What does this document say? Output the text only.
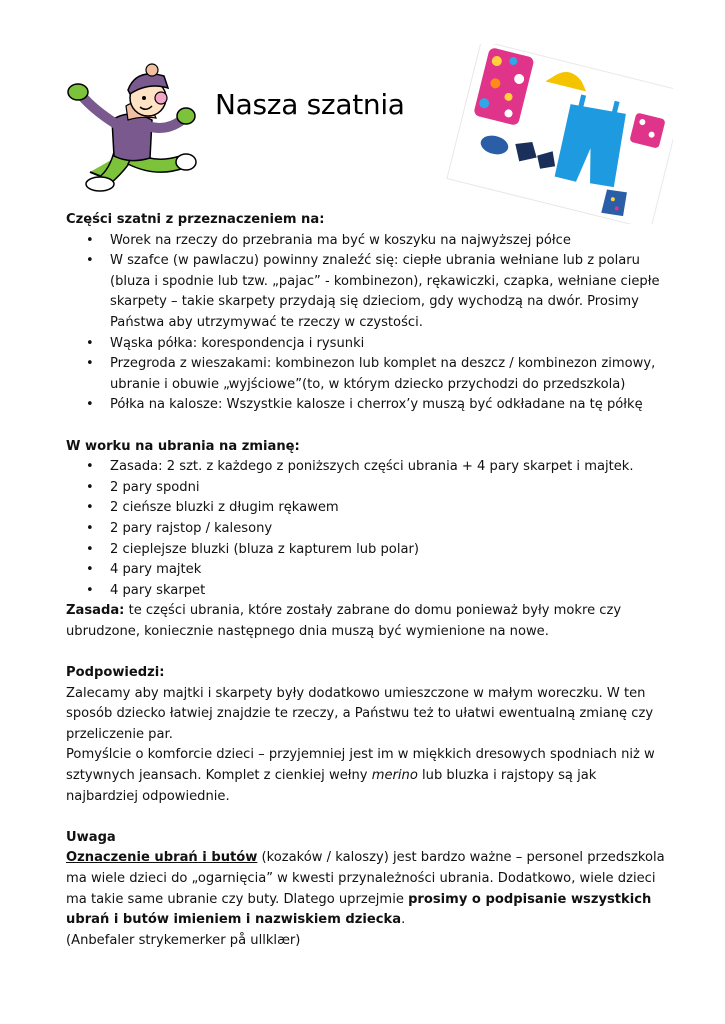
Nasza szatnia

Części szatni z przeznaczeniem na:

• Worek na rzeczy do przebrania ma być w koszyku na najwyższej półce
• W szafce (w pawlaczu) powinny znaleźć się: ciepłe ubrania wełniane lub z polaru (bluza i spodnie lub tzw. „pajac” - kombinezon), rękawiczki, czapka, wełniane ciepłe skarpety – takie skarpety przydają się dzieciom, gdy wychodzą na dwór. Prosimy Państwa aby utrzymywać te rzeczy w czystości.
• Wąska półka: korespondencja i rysunki
• Przegroda z wieszakami: kombinezon lub komplet na deszcz / kombinezon zimowy, ubranie i obuwie „wyjściowe”(to, w którym dziecko przychodzi do przedszkola)
• Półka na kalosze: Wszystkie kalosze i cherrox’y muszą być odkładane na tę półkę

W worku na ubrania na zmianę:

• Zasada: 2 szt. z każdego z poniższych części ubrania + 4 pary skarpet i majtek.
• 2 pary spodni
• 2 cieńsze bluzki z długim rękawem
• 2 pary rajstop / kalesony
• 2 cieplejsze bluzki (bluza z kapturem lub polar)
• 4 pary majtek
• 4 pary skarpet

Zasada: te części ubrania, które zostały zabrane do domu ponieważ były mokre czy ubrudzone, koniecznie następnego dnia muszą być wymienione na nowe.

Podpowiedzi:

Zalecamy aby majtki i skarpety były dodatkowo umieszczone w małym woreczku. W ten sposób dziecko łatwiej znajdzie te rzeczy, a Państwu też to ułatwi ewentualną zmianę czy przeliczenie par.

Pomyślcie o komforcie dzieci – przyjemniej jest im w miękkich dresowych spodniach niż w sztywnych jeansach. Komplet z cienkiej wełny merino lub bluzka i rajstopy są jak najbardziej odpowiednie.

Uwaga

Oznaczenie ubrań i butów (kozaków / kaloszy) jest bardzo ważne – personel przedszkola ma wiele dzieci do „ogarnięcia” w kwesti przynależności ubrania. Dodatkowo, wiele dzieci ma takie same ubranie czy buty. Dlatego uprzejmie prosimy o podpisanie wszystkich ubrań i butów imieniem i nazwiskiem dziecka.

(Anbefaler strykemerker på ullklær)
